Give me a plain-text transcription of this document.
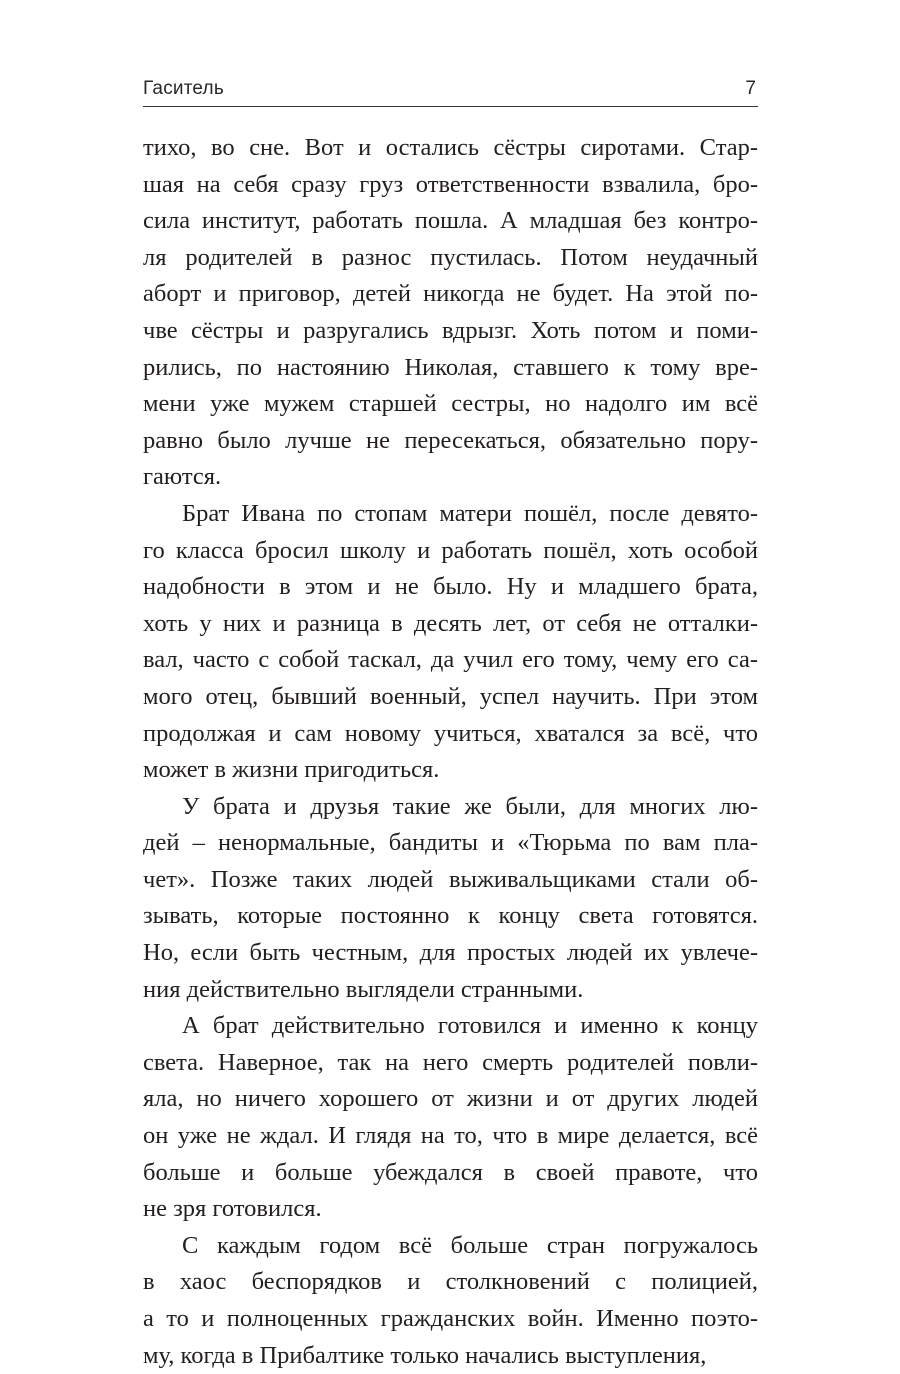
Гаситель	7
тихо, во сне. Вот и остались сёстры сиротами. Стар-
шая на себя сразу груз ответственности взвалила, бро-
сила институт, работать пошла. А младшая без контро-
ля родителей в разнос пустилась. Потом неудачный
аборт и приговор, детей никогда не будет. На этой по-
чве сёстры и разругались вдрызг. Хоть потом и поми-
рились, по настоянию Николая, ставшего к тому вре-
мени уже мужем старшей сестры, но надолго им всё
равно было лучше не пересекаться, обязательно пору-
гаются.
Брат Ивана по стопам матери пошёл, после девято-
го класса бросил школу и работать пошёл, хоть особой
надобности в этом и не было. Ну и младшего брата,
хоть у них и разница в десять лет, от себя не отталки-
вал, часто с собой таскал, да учил его тому, чему его са-
мого отец, бывший военный, успел научить. При этом
продолжая и сам новому учиться, хватался за всё, что
может в жизни пригодиться.
У брата и друзья такие же были, для многих лю-
дей – ненормальные, бандиты и «Тюрьма по вам пла-
чет». Позже таких людей выживальщиками стали об-
зывать, которые постоянно к концу света готовятся.
Но, если быть честным, для простых людей их увлече-
ния действительно выглядели странными.
А брат действительно готовился и именно к концу
света. Наверное, так на него смерть родителей повли-
яла, но ничего хорошего от жизни и от других людей
он уже не ждал. И глядя на то, что в мире делается, всё
больше и больше убеждался в своей правоте, что
не зря готовился.
С каждым годом всё больше стран погружалось
в хаос беспорядков и столкновений с полицией,
а то и полноценных гражданских войн. Именно поэто-
му, когда в Прибалтике только начались выступления,
